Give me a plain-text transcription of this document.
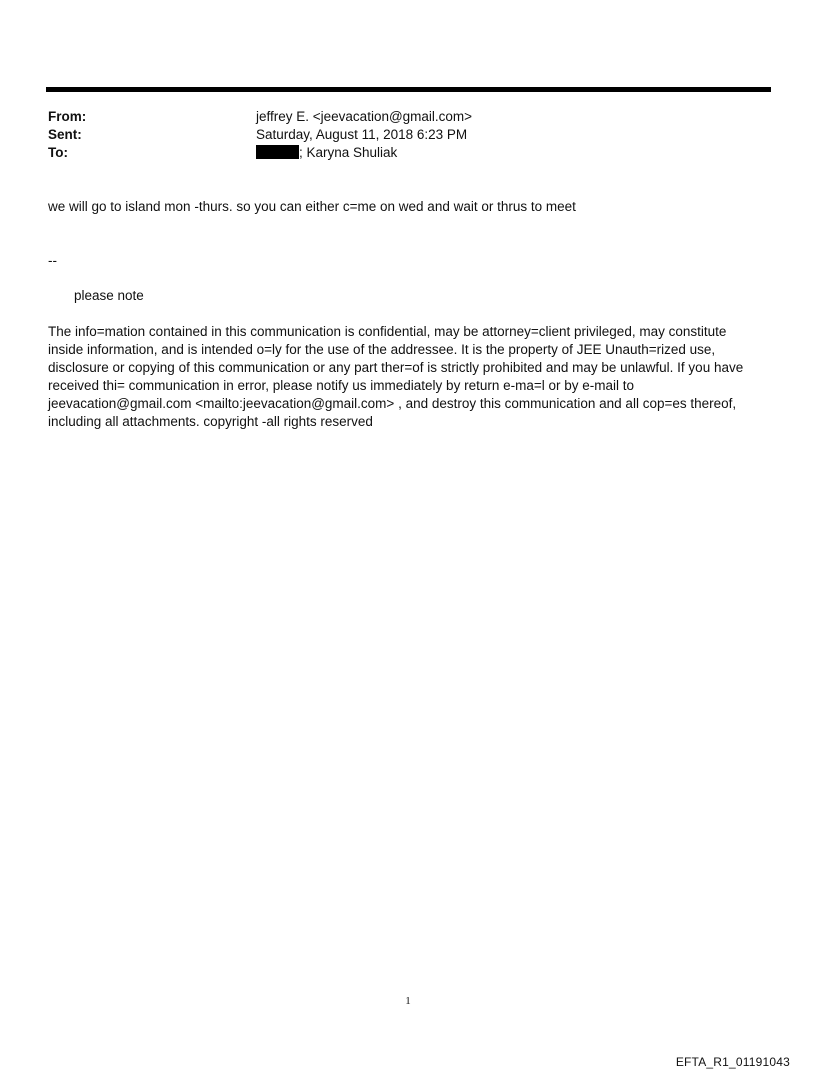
From:	jeffrey E. <jeevacation@gmail.com>
Sent:	Saturday, August 11, 2018 6:23 PM
To:	; Karyna Shuliak
we will go to island mon -thurs. so you can either c=me on wed and wait or thrus to meet
--
please note
The info=mation contained in this communication is confidential, may be attorney=client privileged, may constitute inside information, and is intended o=ly for the use of the addressee. It is the property of JEE Unauth=rized use, disclosure or copying of this communication or any part ther=of is strictly prohibited and may be unlawful. If you have received thi= communication in error, please notify us immediately by return e-ma=l or by e-mail to jeevacation@gmail.com <mailto:jeevacation@gmail.com> , and destroy this communication and all cop=es thereof, including all attachments. copyright -all rights reserved
1
EFTA_R1_01191043
